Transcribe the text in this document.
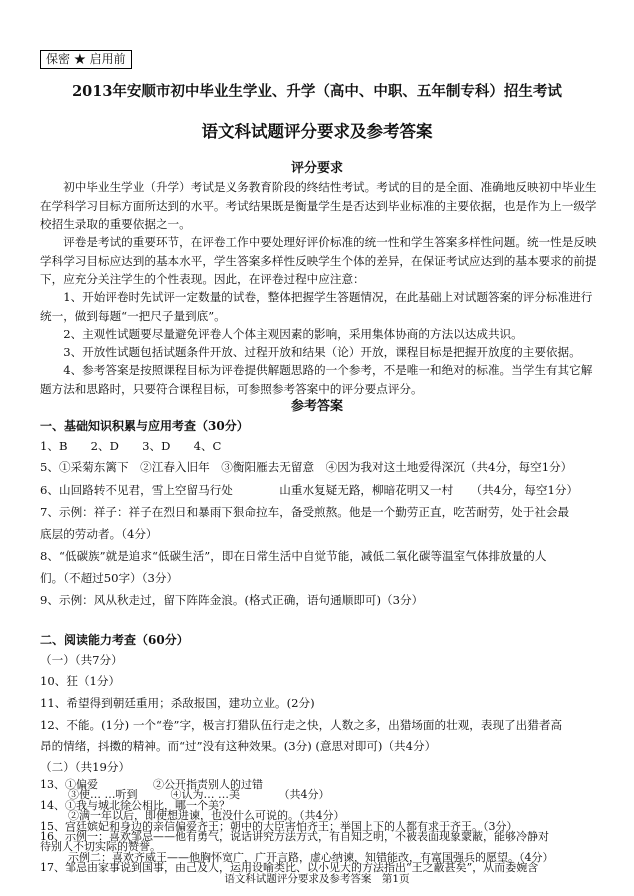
保密 ★ 启用前
2013年安顺市初中毕业生学业、升学（高中、中职、五年制专科）招生考试
语文科试题评分要求及参考答案
评分要求
初中毕业生学业（升学）考试是义务教育阶段的终结性考试。考试的目的是全面、准确地反映初中毕业生在学科学习目标方面所达到的水平。考试结果既是衡量学生是否达到毕业标准的主要依据，也是作为上一级学校招生录取的重要依据之一。
评卷是考试的重要环节，在评卷工作中要处理好评价标准的统一性和学生答案多样性问题。统一性是反映学科学习目标应达到的基本水平，学生答案多样性反映学生个体的差异，在保证考试应达到的基本要求的前提下，应充分关注学生的个性表现。因此，在评卷过程中应注意：
1、开始评卷时先试评一定数量的试卷，整体把握学生答题情况，在此基础上对试题答案的评分标准进行统一，做到每题“一把尺子量到底”。
2、主观性试题要尽量避免评卷人个体主观因素的影响，采用集体协商的方法以达成共识。
3、开放性试题包括试题条件开放、过程开放和结果（论）开放，课程目标是把握开放度的主要依据。
4、参考答案是按照课程目标为评卷提供解题思路的一个参考，不是唯一和绝对的标准。当学生有其它解题方法和思路时，只要符合课程目标，可参照参考答案中的评分要点评分。
参考答案
一、基础知识积累与应用考查（30分）
1、B　　2、D　　3、D　　4、C
5、①采菊东篱下　②江春入旧年　③衡阳雁去无留意　④因为我对这土地爱得深沉（共4分，每空1分）
6、山回路转不见君，雪上空留马行处　　　　山重水复疑无路，柳暗花明又一村　　（共4分，每空1分）
7、示例：祥子：祥子在烈日和暴雨下狠命拉车，备受煎熬。他是一个勤劳正直，吃苦耐劳，处于社会最
底层的劳动者。（4分）
8、“低碳族”就是追求“低碳生活”，即在日常生活中自觉节能，减低二氧化碳等温室气体排放量的人
们。（不超过50字）（3分）
9、示例：风从秋走过，留下阵阵金浪。(格式正确，语句通顺即可)（3分）
二、阅读能力考查（60分）
（一）（共7分）
10、狂（1分）
11、希望得到朝廷重用；杀敌报国，建功立业。(2分)
12、不能。(1分) 一个“卷”字，极言打猎队伍行走之快，人数之多，出猎场面的壮观，表现了出猎者高
昂的情绪，抖擞的精神。而“过”没有这种效果。(3分) (意思对即可)（共4分）
（二）（共19分）
13、①偏爱　　　　　②公开指责别人的过错
③使… …听到　　　④认为… …美　　　　（共4分）
14、①我与城北徐公相比，哪一个美？
②满一年以后，即使想进谏，也没什么可说的。（共4分）
15、宫廷嫔妃和身边的亲信偏爱齐王；朝中的大臣害怕齐王；举国上下的人都有求于齐王。（3分）
16、示例一：喜欢邹忌——他有勇气，说话讲究方法方式，有自知之明，不被表面现象蒙蔽，能够冷静对
待别人不切实际的赞誉。
示例二：喜欢齐威王——他胸怀宽广，广开言路，虚心纳谏，知错能改，有富国强兵的愿望。（4分）
17、邹忌由家事说到国事，由己及人，运用设喻类比、以小见大的方法指出“王之蔽甚矣”，从而委婉含
语文科试题评分要求及参考答案　第1页
